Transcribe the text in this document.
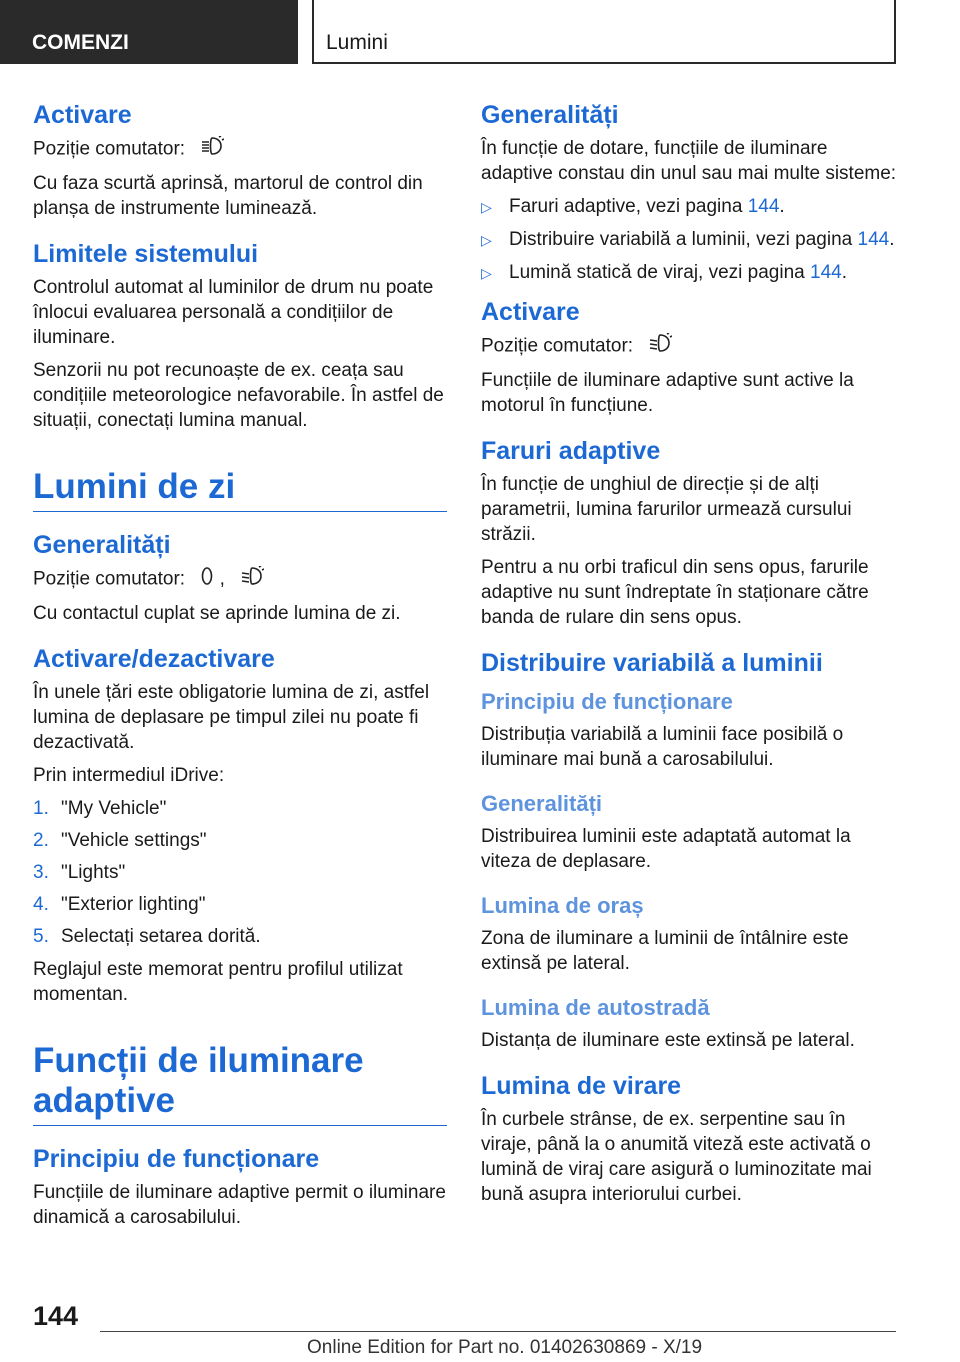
COMENZI	Lumini
Activare

Poziție comutator:

Cu faza scurtă aprinsă, martorul de control din planșa de instrumente luminează.

Limitele sistemului

Controlul automat al luminilor de drum nu poate înlocui evaluarea personală a condițiilor de iluminare.

Senzorii nu pot recunoaște de ex. ceața sau condițiile meteorologice nefavorabile. În astfel de situații, conectați lumina manual.

Lumini de zi
Generalități

Poziție comutator: ,

Cu contactul cuplat se aprinde lumina de zi.

Activare/dezactivare

În unele țări este obligatorie lumina de zi, astfel lumina de deplasare pe timpul zilei nu poate fi dezactivată.

Prin intermediul iDrive:

1. "My Vehicle"
2. "Vehicle settings"
3. "Lights"
4. "Exterior lighting"
5. Selectați setarea dorită.

Reglajul este memorat pentru profilul utilizat momentan.

Funcții de iluminare adaptive
Principiu de funcționare

Funcțiile de iluminare adaptive permit o iluminare dinamică a carosabilului.

Generalități

În funcție de dotare, funcțiile de iluminare adaptive constau din unul sau mai multe sisteme:

▷ Faruri adaptive, vezi pagina 144.
▷ Distribuire variabilă a luminii, vezi pagina 144.
▷ Lumină statică de viraj, vezi pagina 144.
Activare

Poziție comutator:

Funcțiile de iluminare adaptive sunt active la motorul în funcțiune.

Faruri adaptive

În funcție de unghiul de direcție și de alți parametrii, lumina farurilor urmează cursului străzii.

Pentru a nu orbi traficul din sens opus, farurile adaptive nu sunt îndreptate în staționare către banda de rulare din sens opus.

Distribuire variabilă a luminii
Principiu de funcționare

Distribuția variabilă a luminii face posibilă o iluminare mai bună a carosabilului.

Generalități

Distribuirea luminii este adaptată automat la viteza de deplasare.

Lumina de oraș

Zona de iluminare a luminii de întâlnire este extinsă pe lateral.

Lumina de autostradă

Distanța de iluminare este extinsă pe lateral.

Lumina de virare

În curbele strânse, de ex. serpentine sau în viraje, până la o anumită viteză este activată o lumină de viraj care asigură o luminozitate mai bună asupra interiorului curbei.

144
Online Edition for Part no. 01402630869 - X/19
